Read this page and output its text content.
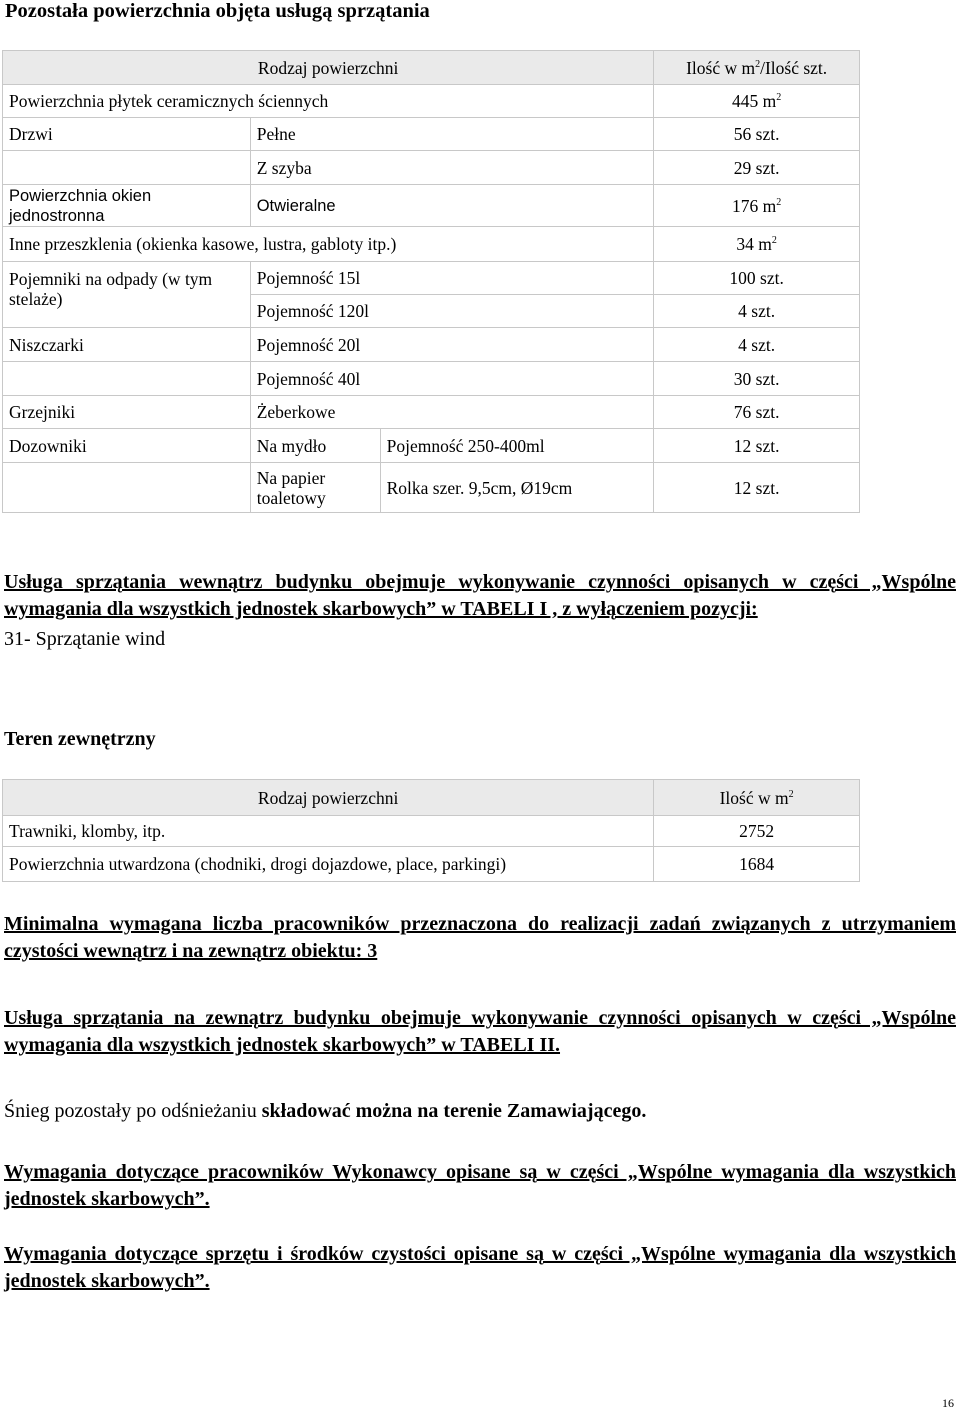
Pozostała powierzchnia objęta usługą sprzątania
Rodzaj powierzchni			Ilość w $m^2$/Ilość szt.
Powierzchnia płytek ceramicznych ściennych			445 $m^2$
Drzwi	Pełne		56 szt.
	Z szyba		29 szt.
Powierzchnia okien jednostronna	Otwieralne		176 $m^2$
Inne przeszklenia (okienka kasowe, lustra, gabloty itp.)			34 $m^2$
Pojemniki na odpady (w tym stelaże)	Pojemność 15l		100 szt.
	Pojemność 120l		4 szt.
Niszczarki	Pojemność 20l		4 szt.
	Pojemność 40l		30 szt.
Grzejniki	Żeberkowe		76 szt.
Dozowniki	Na mydło	Pojemność 250-400ml	12 szt.
	Na papier toaletowy	Rolka szer. 9,5cm, Ø19cm	12 szt.
Usługa sprzątania wewnątrz budynku obejmuje wykonywanie czynności opisanych w części „Wspólne wymagania dla wszystkich jednostek skarbowych” w TABELI I , z wyłączeniem pozycji:
31- Sprzątanie wind
Teren zewnętrzny
Rodzaj powierzchni	Ilość w $m^2$
Trawniki, klomby, itp.	2752
Powierzchnia utwardzona (chodniki, drogi dojazdowe, place, parkingi)	1684
Minimalna wymagana liczba pracowników przeznaczona do realizacji zadań związanych z utrzymaniem czystości wewnątrz i na zewnątrz obiektu: 3
Usługa sprzątania na zewnątrz budynku obejmuje wykonywanie czynności opisanych w części „Wspólne wymagania dla wszystkich jednostek skarbowych” w TABELI II.
Śnieg pozostały po odśnieżaniu składować można na terenie Zamawiającego.
Wymagania dotyczące pracowników Wykonawcy opisane są w części „Wspólne wymagania dla wszystkich jednostek skarbowych”.
Wymagania dotyczące sprzętu i środków czystości opisane są w części „Wspólne wymagania dla wszystkich jednostek skarbowych”.
16
